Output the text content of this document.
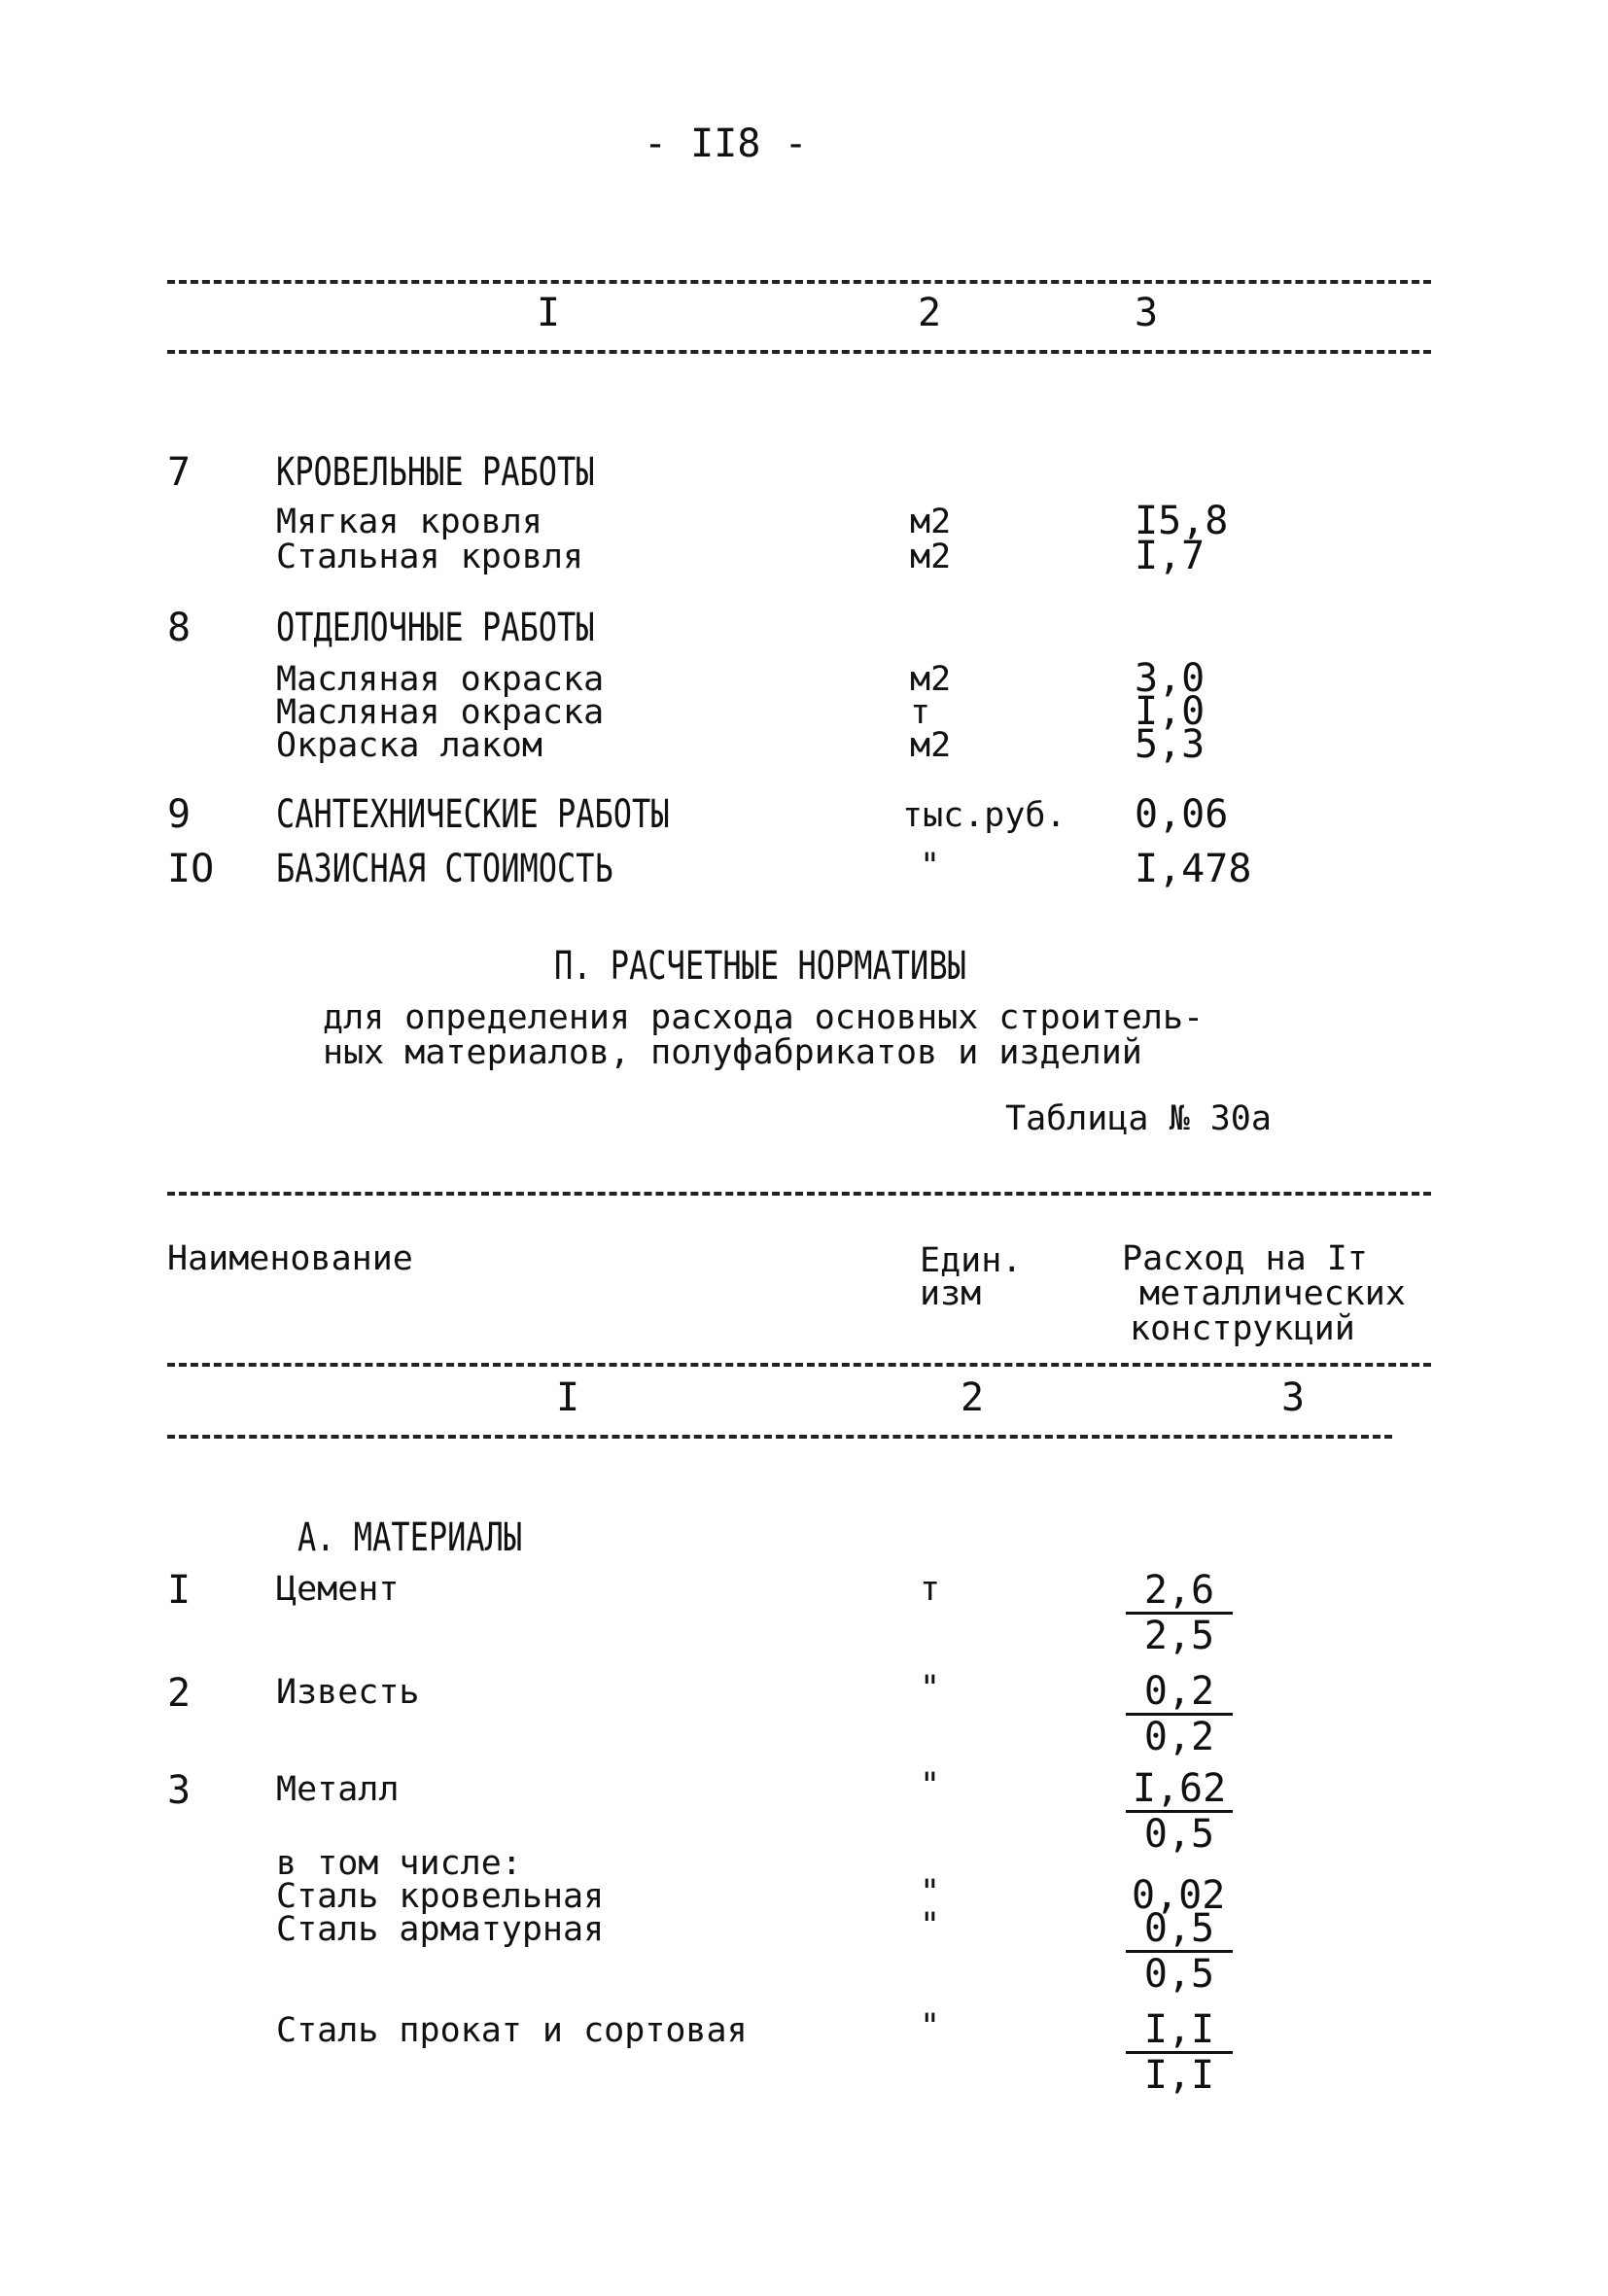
- II8 -
I	2	3
7 КРОВЕЛЬНЫЕ РАБОТЫ
Мягкая кровля	м2	I5,8
Стальная кровля	м2	I,7
8 ОТДЕЛОЧНЫЕ РАБОТЫ
Масляная окраска	м2	3,0
Масляная окраска	т	I,0
Окраска лаком	м2	5,3
9 САНТЕХНИЧЕСКИЕ РАБОТЫ	тыс.руб. 0,06
IO БАЗИСНАЯ СТОИМОСТЬ	"	I,478
П. РАСЧЕТНЫЕ НОРМАТИВЫ
для определения расхода основных строитель-
ных материалов, полуфабрикатов и изделий
Таблица № 30а
Наименование	Един.
изм
Расход на Iт
металлических
конструкций
I	2	3
А. МАТЕРИАЛЫ
I	Цемент	т	$\frac{2,6}{2,5}$
2	Известь	"	$\frac{0,2}{0,2}$
3	Металл	"	$\frac{I,62}{0,5}$
в том числе:
Сталь кровельная	"	0,02
Сталь арматурная	"	$\frac{0,5}{0,5}$
Сталь прокат и сортовая	"	$\frac{I,I}{I,I}$
